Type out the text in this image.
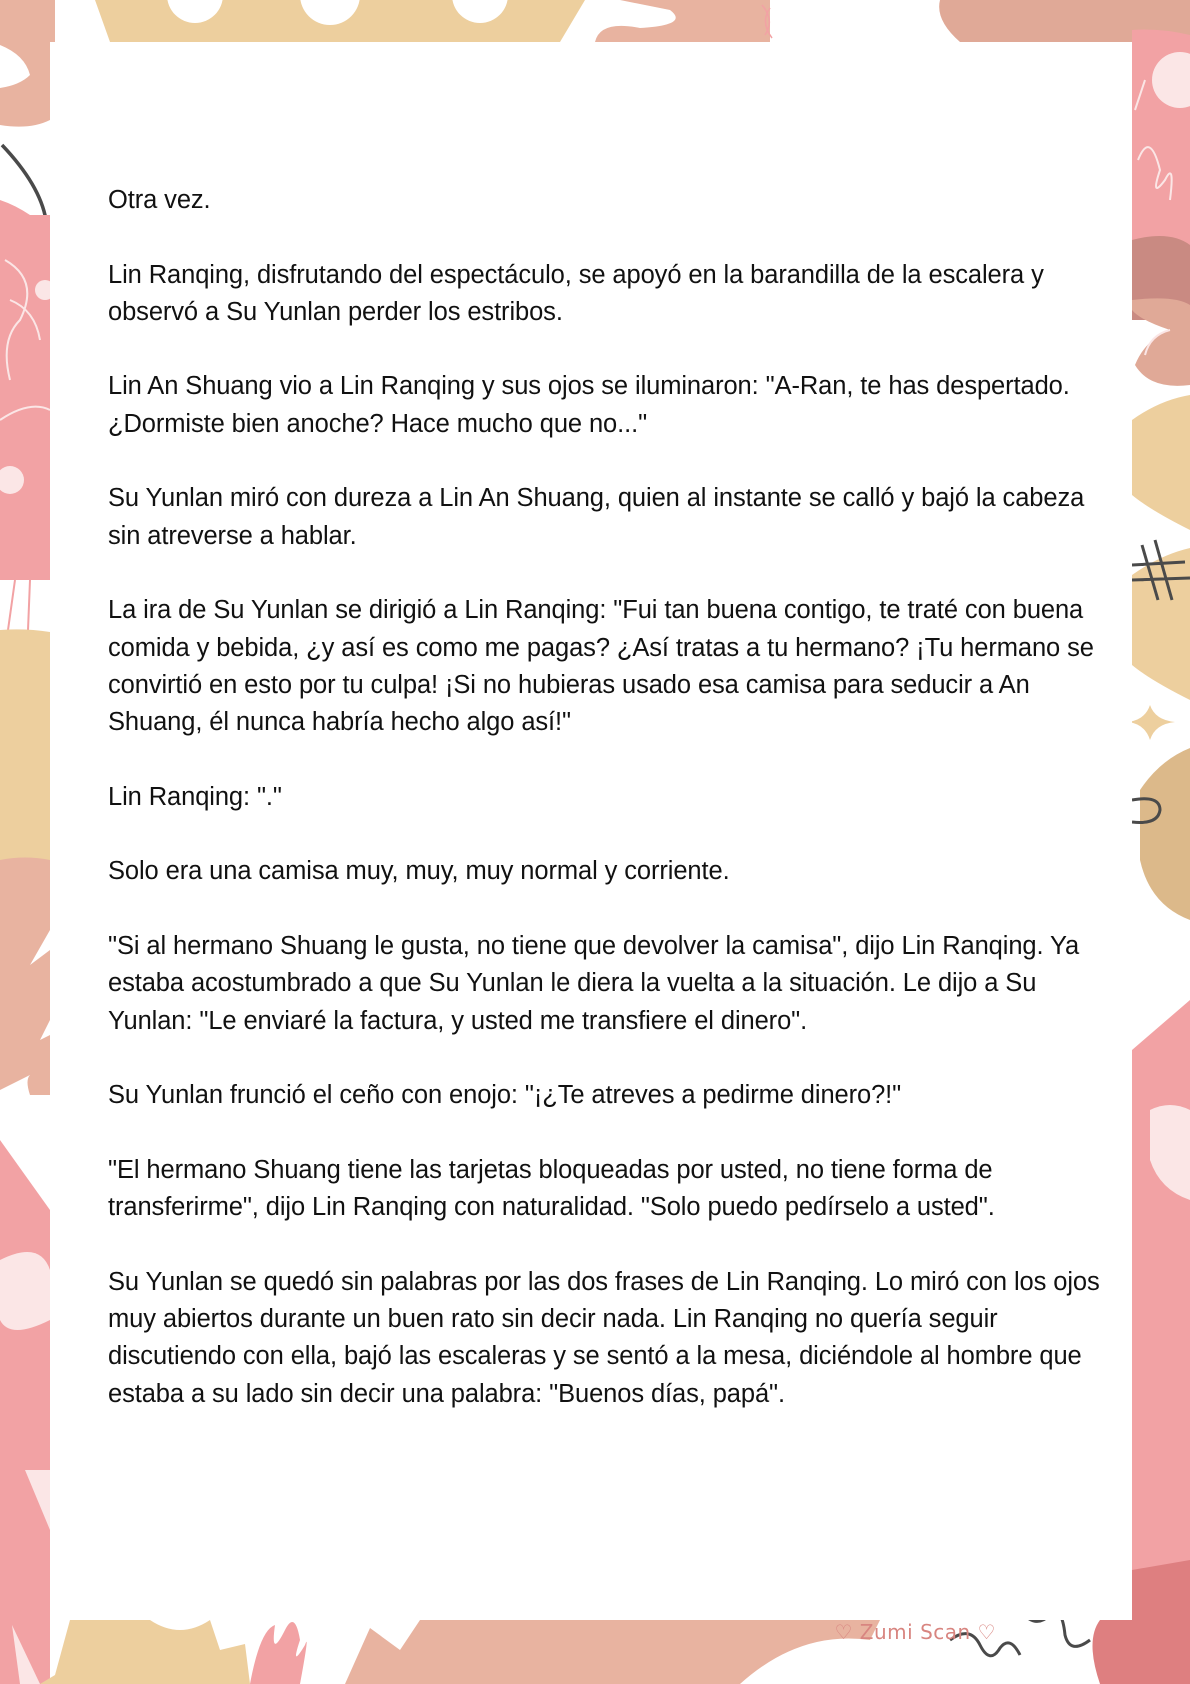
Otra vez.

Lin Ranqing, disfrutando del espectáculo, se apoyó en la barandilla de la escalera y observó a Su Yunlan perder los estribos.

Lin An Shuang vio a Lin Ranqing y sus ojos se iluminaron: "A-Ran, te has despertado. ¿Dormiste bien anoche? Hace mucho que no..."

Su Yunlan miró con dureza a Lin An Shuang, quien al instante se calló y bajó la cabeza sin atreverse a hablar.

La ira de Su Yunlan se dirigió a Lin Ranqing: "Fui tan buena contigo, te traté con buena comida y bebida, ¿y así es como me pagas? ¿Así tratas a tu hermano? ¡Tu hermano se convirtió en esto por tu culpa! ¡Si no hubieras usado esa camisa para seducir a An Shuang, él nunca habría hecho algo así!"

Lin Ranqing: "."

Solo era una camisa muy, muy, muy normal y corriente.

"Si al hermano Shuang le gusta, no tiene que devolver la camisa", dijo Lin Ranqing. Ya estaba acostumbrado a que Su Yunlan le diera la vuelta a la situación. Le dijo a Su Yunlan: "Le enviaré la factura, y usted me transfiere el dinero".

Su Yunlan frunció el ceño con enojo: "¡¿Te atreves a pedirme dinero?!"

"El hermano Shuang tiene las tarjetas bloqueadas por usted, no tiene forma de transferirme", dijo Lin Ranqing con naturalidad. "Solo puedo pedírselo a usted".

Su Yunlan se quedó sin palabras por las dos frases de Lin Ranqing. Lo miró con los ojos muy abiertos durante un buen rato sin decir nada. Lin Ranqing no quería seguir discutiendo con ella, bajó las escaleras y se sentó a la mesa, diciéndole al hombre que estaba a su lado sin decir una palabra: "Buenos días, papá".

♡ Zumi Scan ♡
